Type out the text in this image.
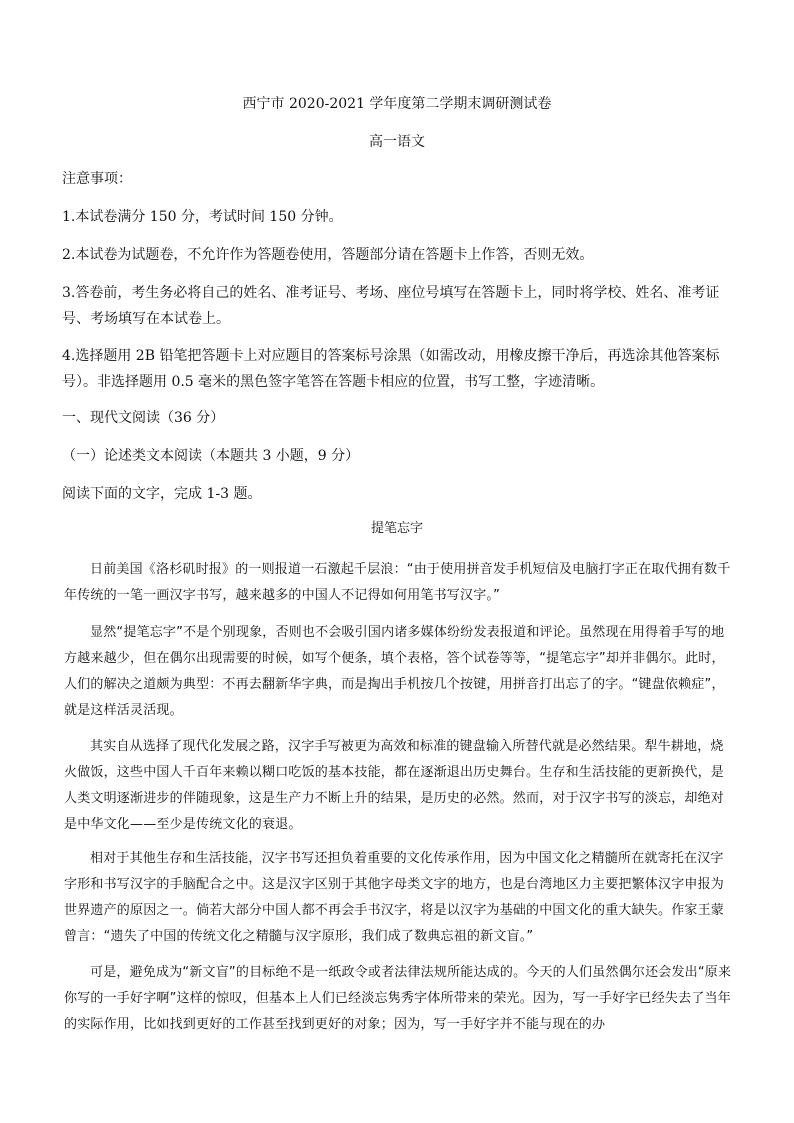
西宁市 2020-2021 学年度第二学期末调研测试卷
高一语文
注意事项：
1.本试卷满分 150 分，考试时间 150 分钟。
2.本试卷为试题卷，不允许作为答题卷使用，答题部分请在答题卡上作答，否则无效。
3.答卷前，考生务必将自己的姓名、准考证号、考场、座位号填写在答题卡上，同时将学校、姓名、准考证号、考场填写在本试卷上。
4.选择题用 2B 铅笔把答题卡上对应题目的答案标号涂黑（如需改动，用橡皮擦干净后，再选涂其他答案标号）。非选择题用 0.5 毫米的黑色签字笔答在答题卡相应的位置，书写工整，字迹清晰。
一、现代文阅读（36 分）
（一）论述类文本阅读（本题共 3 小题，9 分）
阅读下面的文字，完成 1-3 题。
提笔忘字
日前美国《洛杉矶时报》的一则报道一石激起千层浪：“由于使用拼音发手机短信及电脑打字正在取代拥有数千年传统的一笔一画汉字书写，越来越多的中国人不记得如何用笔书写汉字。”
显然“提笔忘字”不是个别现象，否则也不会吸引国内诸多媒体纷纷发表报道和评论。虽然现在用得着手写的地方越来越少，但在偶尔出现需要的时候，如写个便条，填个表格，答个试卷等等，“提笔忘字”却并非偶尔。此时，人们的解决之道颇为典型：不再去翻新华字典，而是掏出手机按几个按键，用拼音打出忘了的字。“键盘依赖症”，就是这样活灵活现。
其实自从选择了现代化发展之路，汉字手写被更为高效和标准的键盘输入所替代就是必然结果。犁牛耕地，烧火做饭，这些中国人千百年来赖以糊口吃饭的基本技能，都在逐渐退出历史舞台。生存和生活技能的更新换代，是人类文明逐渐进步的伴随现象，这是生产力不断上升的结果，是历史的必然。然而，对于汉字书写的淡忘，却绝对是中华文化——至少是传统文化的衰退。
相对于其他生存和生活技能，汉字书写还担负着重要的文化传承作用，因为中国文化之精髓所在就寄托在汉字字形和书写汉字的手脑配合之中。这是汉字区别于其他字母类文字的地方，也是台湾地区力主要把繁体汉字申报为世界遗产的原因之一。倘若大部分中国人都不再会手书汉字，将是以汉字为基础的中国文化的重大缺失。作家王蒙曾言：“遗失了中国的传统文化之精髓与汉字原形，我们成了数典忘祖的新文盲。”
可是，避免成为“新文盲”的目标绝不是一纸政令或者法律法规所能达成的。今天的人们虽然偶尔还会发出“原来你写的一手好字啊”这样的惊叹，但基本上人们已经淡忘隽秀字体所带来的荣光。因为，写一手好字已经失去了当年的实际作用，比如找到更好的工作甚至找到更好的对象；因为，写一手好字并不能与现在的办
